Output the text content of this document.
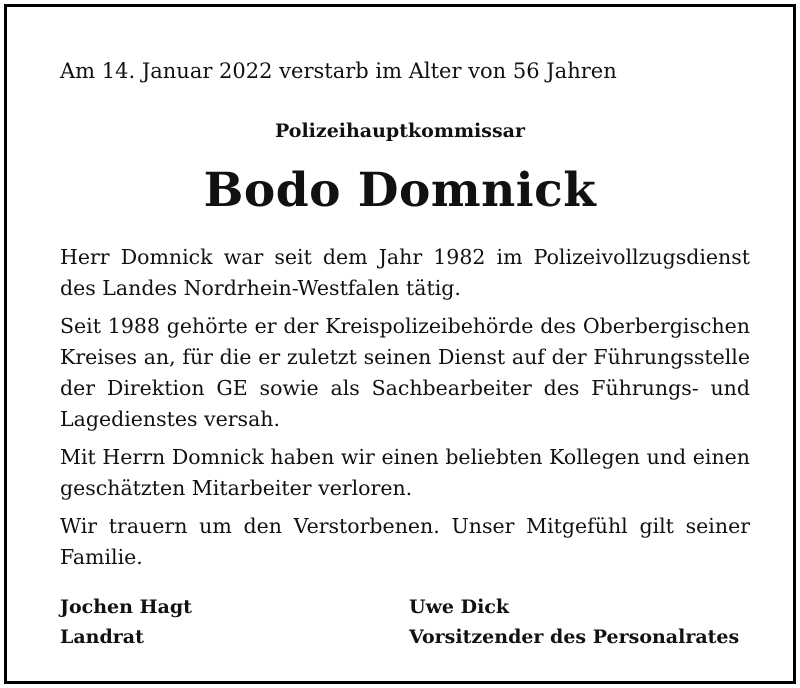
Am 14. Januar 2022 verstarb im Alter von 56 Jahren
Polizeihauptkommissar
Bodo Domnick

Herr Domnick war seit dem Jahr 1982 im Polizeivollzugsdienst des Landes Nordrhein-Westfalen tätig.

Seit 1988 gehörte er der Kreispolizeibehörde des Oberbergischen Kreises an, für die er zuletzt seinen Dienst auf der Führungsstelle der Direktion GE sowie als Sachbearbeiter des Führungs- und Lagedienstes versah.

Mit Herrn Domnick haben wir einen beliebten Kollegen und einen geschätzten Mitarbeiter verloren.

Wir trauern um den Verstorbenen. Unser Mitgefühl gilt seiner Familie.

Jochen Hagt
Landrat
Uwe Dick
Vorsitzender des Personalrates
